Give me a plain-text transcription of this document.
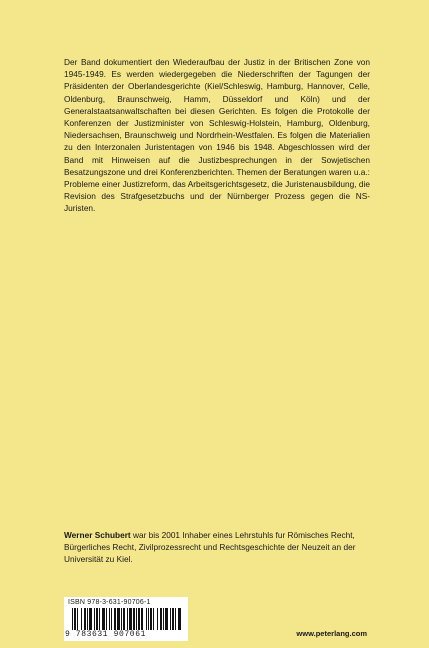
Der Band dokumentiert den Wiederaufbau der Justiz in der Britischen Zone von 1945-1949. Es werden wiedergegeben die Niederschriften der Tagungen der Präsidenten der Oberlandesgerichte (Kiel/Schleswig, Hamburg, Hannover, Celle, Oldenburg, Braunschweig, Hamm, Düsseldorf und Köln) und der Generalstaatsanwaltschaften bei diesen Gerichten. Es folgen die Protokolle der Konferenzen der Justizminister von Schleswig-Holstein, Hamburg, Oldenburg, Niedersachsen, Braunschweig und Nordrhein-Westfalen. Es folgen die Materialien zu den Interzonalen Juristentagen von 1946 bis 1948. Abgeschlossen wird der Band mit Hinweisen auf die Justizbesprechungen in der Sowjetischen Besatzungszone und drei Konferenzberichten. Themen der Beratungen waren u.a.: Probleme einer Justizreform, das Arbeitsgerichtsgesetz, die Juristenausbildung, die Revision des Strafgesetzbuchs und der Nürnberger Prozess gegen die NS-Juristen.

Werner Schubert war bis 2001 Inhaber eines Lehrstuhls fur Römisches Recht, Bürgerliches Recht, Zivilprozessrecht und Rechtsgeschichte der Neuzeit an der Universität zu Kiel.

ISBN 978-3-631-90706-1
9 783631 907061	www.peterlang.com
